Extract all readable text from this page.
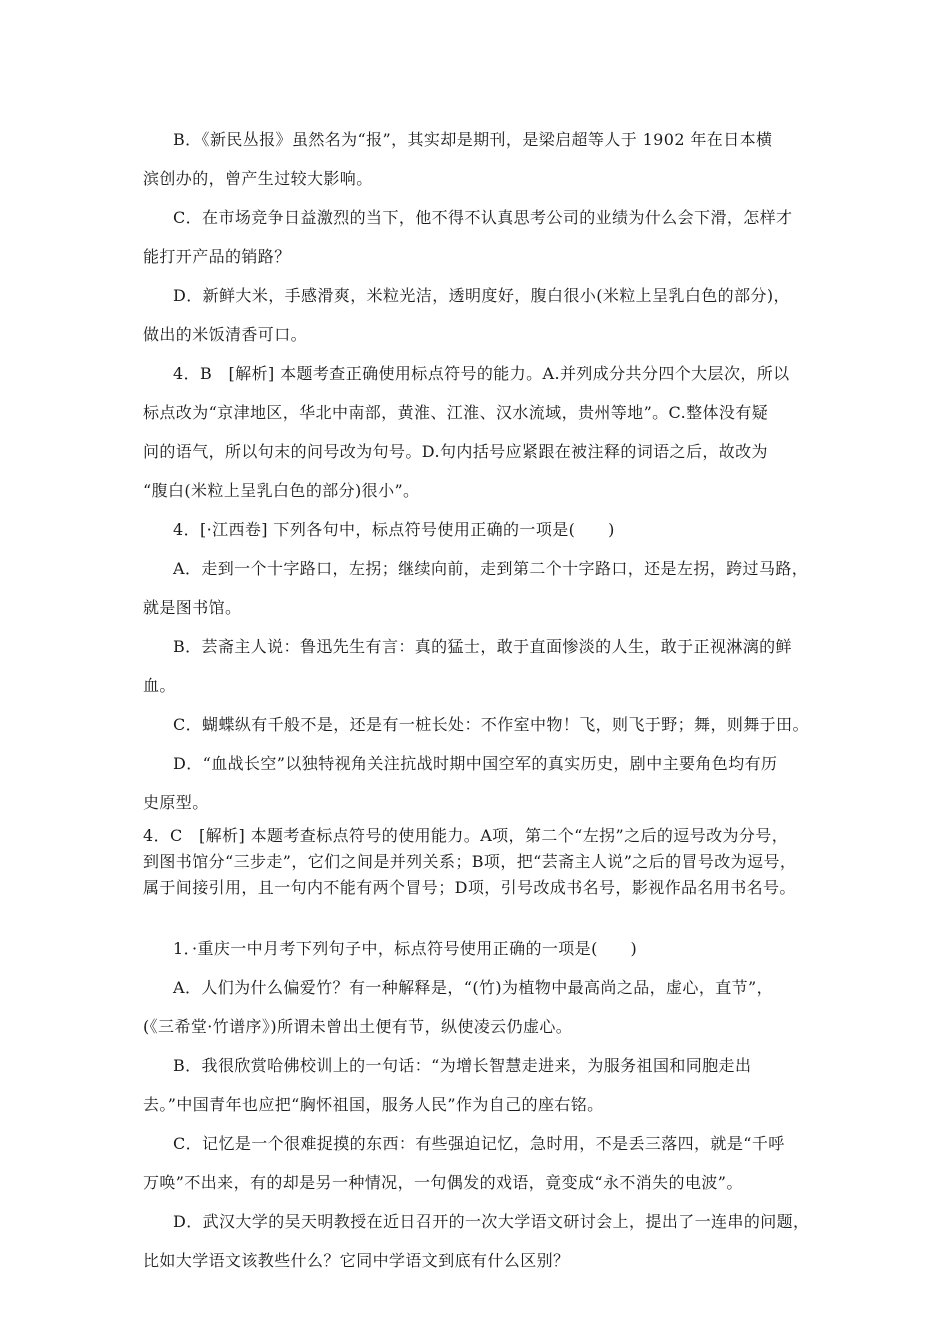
B．《新民丛报》虽然名为“报”，其实却是期刊，是梁启超等人于 1902 年在日本横
滨创办的，曾产生过较大影响。
C．在市场竞争日益激烈的当下，他不得不认真思考公司的业绩为什么会下滑，怎样才
能打开产品的销路？
D．新鲜大米，手感滑爽，米粒光洁，透明度好，腹白很小(米粒上呈乳白色的部分)，
做出的米饭清香可口。
4．B　[解析] 本题考查正确使用标点符号的能力。A.并列成分共分四个大层次，所以
标点改为“京津地区，华北中南部，黄淮、江淮、汉水流域，贵州等地”。C.整体没有疑
问的语气，所以句末的问号改为句号。D.句内括号应紧跟在被注释的词语之后，故改为
“腹白(米粒上呈乳白色的部分)很小”。
4．[·江西卷] 下列各句中，标点符号使用正确的一项是(　　)
A．走到一个十字路口，左拐；继续向前，走到第二个十字路口，还是左拐，跨过马路，
就是图书馆。
B．芸斋主人说：鲁迅先生有言：真的猛士，敢于直面惨淡的人生，敢于正视淋漓的鲜
血。
C．蝴蝶纵有千般不是，还是有一桩长处：不作室中物！飞，则飞于野；舞，则舞于田。
D．“血战长空”以独特视角关注抗战时期中国空军的真实历史，剧中主要角色均有历
史原型。
4．C　[解析] 本题考查标点符号的使用能力。A项，第二个“左拐”之后的逗号改为分号，到图书馆分“三步走”，它们之间是并列关系；B项，把“芸斋主人说”之后的冒号改为逗号，属于间接引用，且一句内不能有两个冒号；D项，引号改成书名号，影视作品名用书名号。
1．·重庆一中月考下列句子中，标点符号使用正确的一项是(　　)
A．人们为什么偏爱竹？有一种解释是，“(竹)为植物中最高尚之品，虚心，直节”，
(《三希堂·竹谱序》)所谓未曾出土便有节，纵使凌云仍虚心。
B．我很欣赏哈佛校训上的一句话：“为增长智慧走进来，为服务祖国和同胞走出
去。”中国青年也应把“胸怀祖国，服务人民”作为自己的座右铭。
C．记忆是一个很难捉摸的东西：有些强迫记忆，急时用，不是丢三落四，就是“千呼
万唤”不出来，有的却是另一种情况，一句偶发的戏语，竟变成“永不消失的电波”。
D．武汉大学的吴天明教授在近日召开的一次大学语文研讨会上，提出了一连串的问题，
比如大学语文该教些什么？它同中学语文到底有什么区别？
